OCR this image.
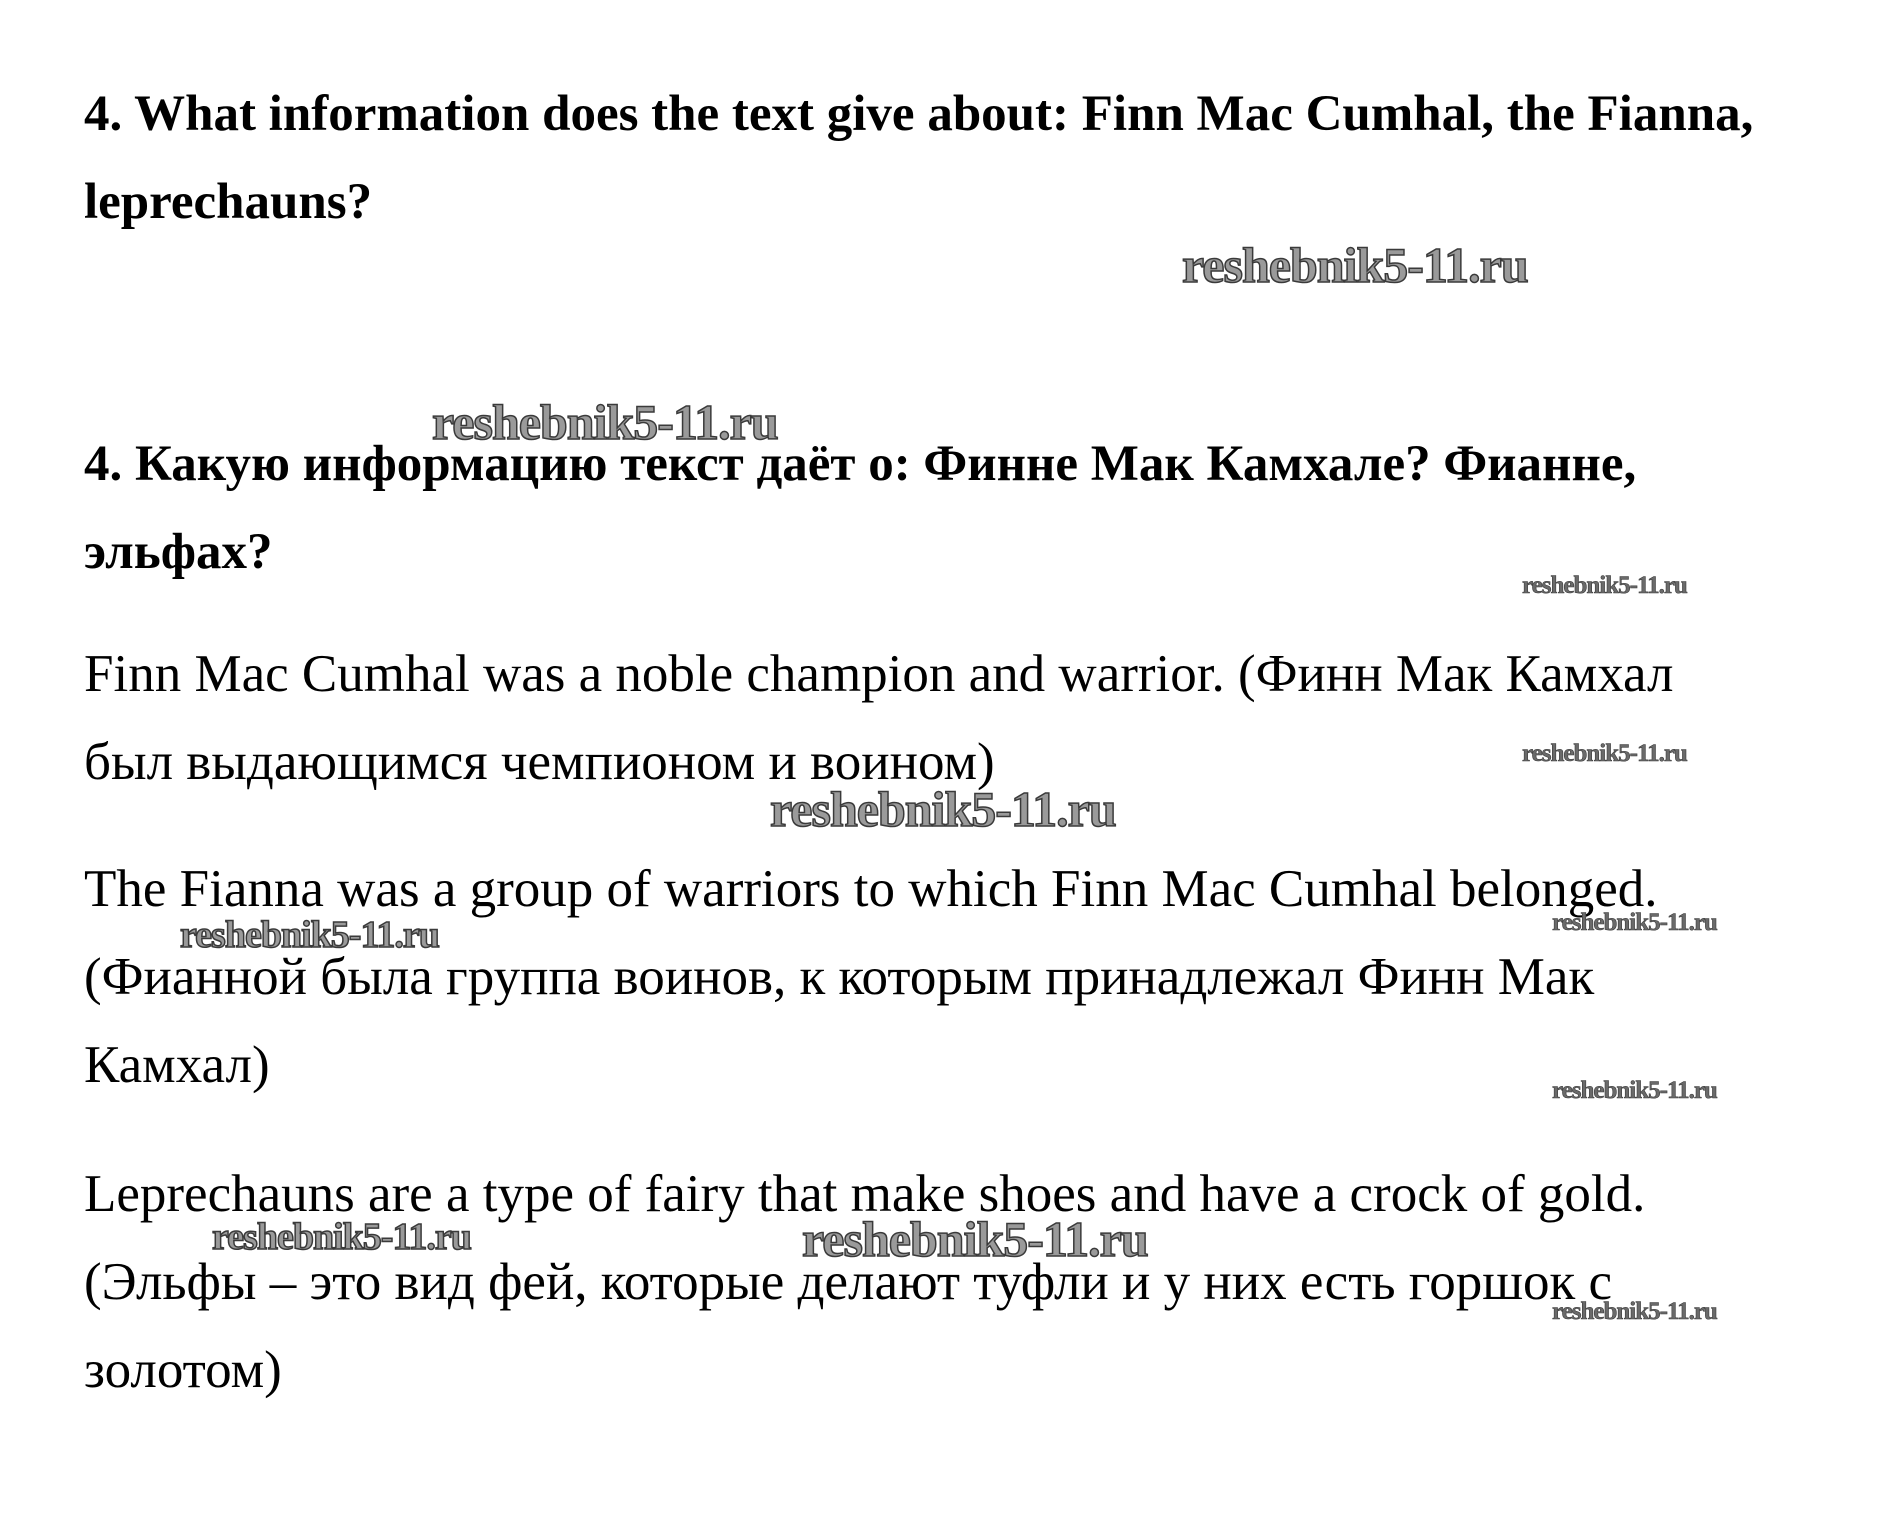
4. What information does the text give about: Finn Mac Cumhal, the Fianna, leprechauns?

4. Какую информацию текст даёт о: Финне Мак Камхале? Фианне, эльфах?

Finn Mac Cumhal was a noble champion and warrior. (Финн Мак Камхал был выдающимся чемпионом и воином)

The Fianna was a group of warriors to which Finn Mac Cumhal belonged. (Фианной была группа воинов, к которым принадлежал Финн Мак Камхал)

Leprechauns are a type of fairy that make shoes and have a crock of gold. (Эльфы – это вид фей, которые делают туфли и у них есть горшок с золотом)

reshebnik5-11.ru
reshebnik5-11.ru
reshebnik5-11.ru
reshebnik5-11.ru
reshebnik5-11.ru
reshebnik5-11.ru	reshebnik5-11.ru
reshebnik5-11.ru
reshebnik5-11.ru	reshebnik5-11.ru
reshebnik5-11.ru
